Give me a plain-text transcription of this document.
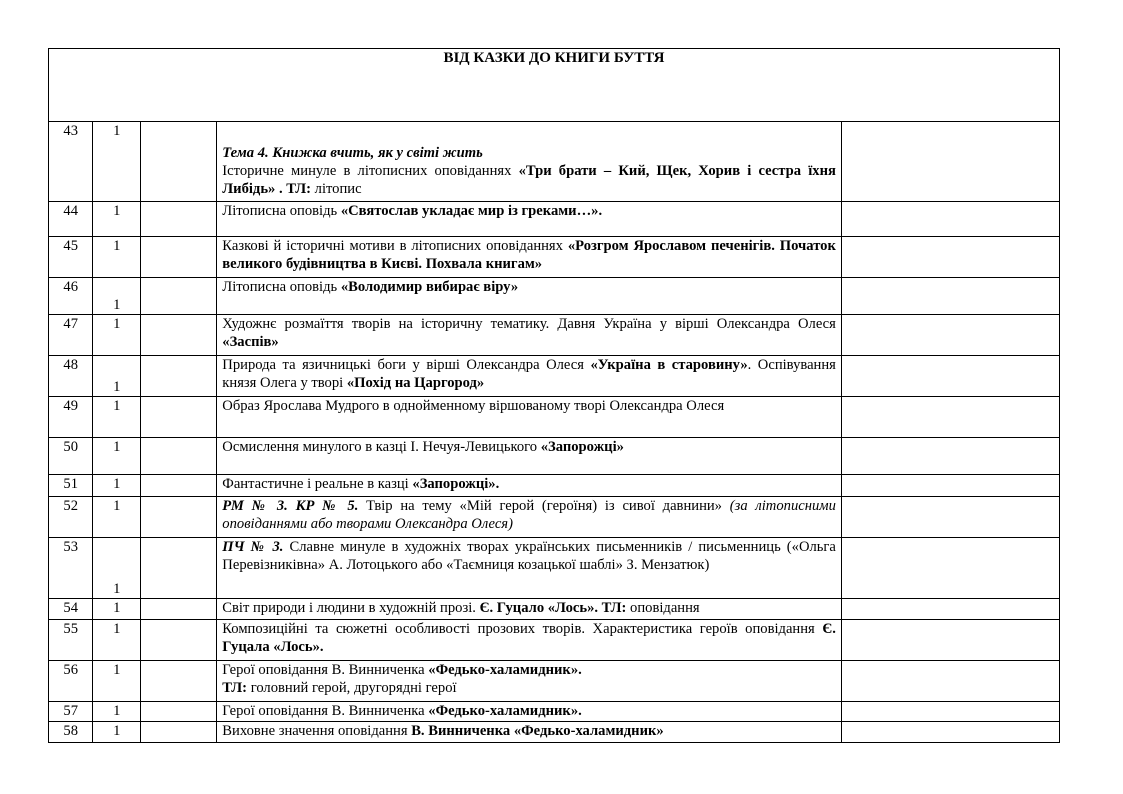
ВІД КАЗКИ ДО КНИГИ БУТТЯ				
43	1		Тема 4. Книжка вчить, як у світі жить
Історичне минуле в літописних оповіданнях «Три брати – Кий, Щек, Хорив і сестра їхня Либідь» . ТЛ: літопис	
44	1		Літописна оповідь «Святослав укладає мир із греками…».	
45	1		Казкові й історичні мотиви в літописних оповіданнях «Розгром Ярославом печенігів. Початок великого будівництва в Києві. Похвала книгам»	
46	1		Літописна оповідь «Володимир вибирає віру»	
47	1		Художнє розмаїття творів на історичну тематику. Давня Україна у вірші Олександра Олеся «Заспів»	
48	1		Природа та язичницькі боги у вірші Олександра Олеся «Україна в старовину». Оспівування князя Олега у творі «Похід на Царгород»	
49	1		Образ Ярослава Мудрого в однойменному віршованому творі Олександра Олеся	
50	1		Осмислення минулого в казці І. Нечуя-Левицького «Запорожці»	
51	1		Фантастичне і реальне в казці «Запорожці».	
52	1		РМ № 3. КР № 5. Твір на тему «Мій герой (героїня) із сивої давнини» (за літописними оповіданнями або творами Олександра Олеся)	
53	1		ПЧ № 3. Славне минуле в художніх творах українських письменників / письменниць («Ольга Перевізниківна» А. Лотоцького або «Таємниця козацької шаблі» З. Мензатюк)	
54	1		Світ природи і людини в художній прозі. Є. Гуцало «Лось». ТЛ: оповідання	
55	1		Композиційні та сюжетні особливості прозових творів. Характеристика героїв оповідання Є. Гуцала «Лось».	
56	1		Герої оповідання В. Винниченка «Федько-халамидник».
ТЛ: головний герой, другорядні герої	
57	1		Герої оповідання В. Винниченка «Федько-халамидник».	
58	1		Виховне значення оповідання В. Винниченка «Федько-халамидник»	
